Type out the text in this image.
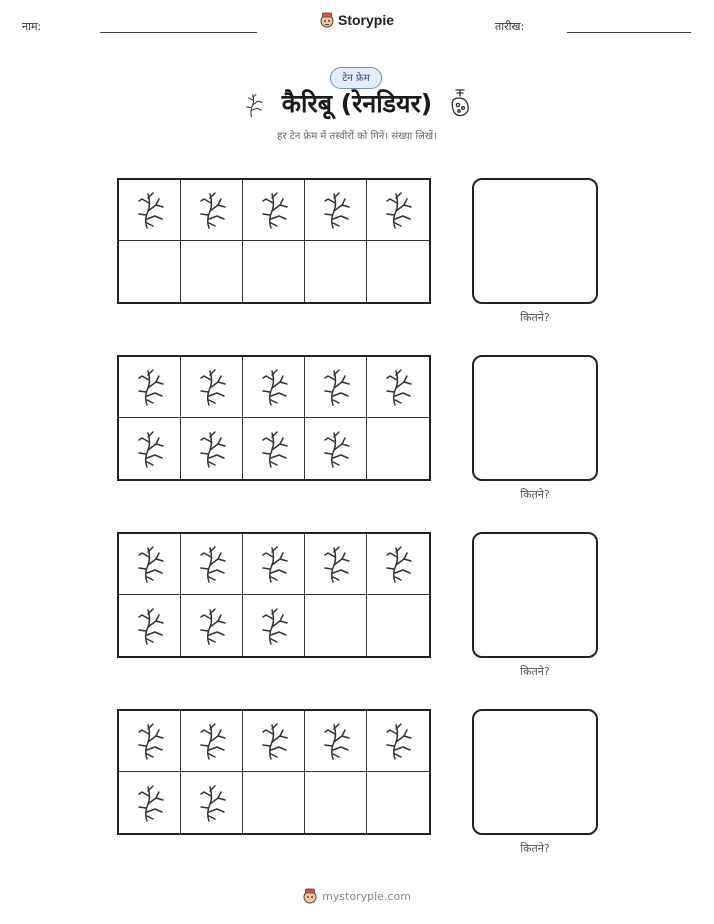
नाम:	Storypie	तारीख:
टेन फ्रेम
कैरिबू (रेनडियर)
हर टेन फ्रेम में तस्वीरों को गिनें। संख्या लिखें।
कितने?
कितने?
कितने?
कितने?
mystorypie.com
